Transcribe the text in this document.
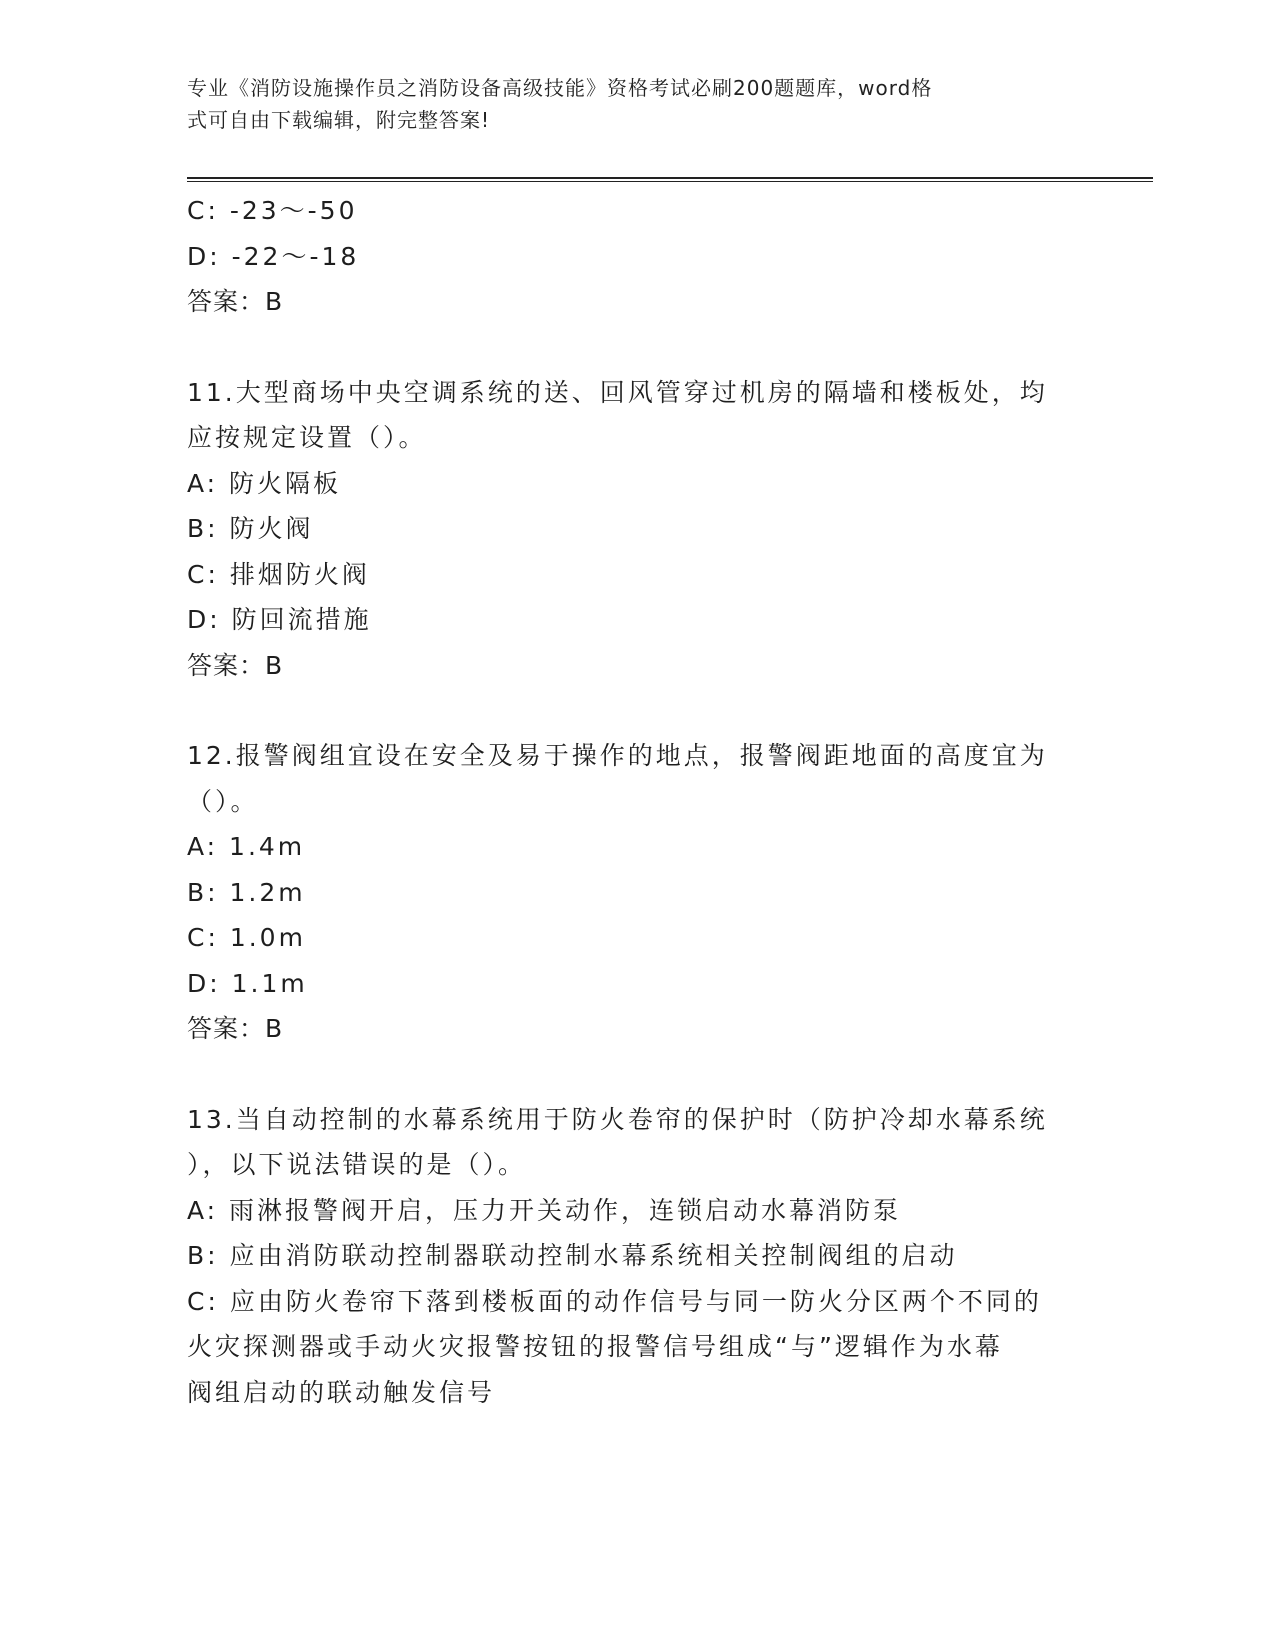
专业《消防设施操作员之消防设备高级技能》资格考试必刷200题题库，word格
式可自由下载编辑，附完整答案!
C: -23～-50
D: -22～-18
答案：B
11.大型商场中央空调系统的送、回风管穿过机房的隔墙和楼板处，均
应按规定设置（）。
A: 防火隔板
B: 防火阀
C: 排烟防火阀
D: 防回流措施
答案：B
12.报警阀组宜设在安全及易于操作的地点，报警阀距地面的高度宜为
（）。
A: 1.4m
B: 1.2m
C: 1.0m
D: 1.1m
答案：B
13.当自动控制的水幕系统用于防火卷帘的保护时（防护冷却水幕系统
），以下说法错误的是（）。
A: 雨淋报警阀开启，压力开关动作，连锁启动水幕消防泵
B: 应由消防联动控制器联动控制水幕系统相关控制阀组的启动
C: 应由防火卷帘下落到楼板面的动作信号与同一防火分区两个不同的
火灾探测器或手动火灾报警按钮的报警信号组成“与”逻辑作为水幕
阀组启动的联动触发信号
